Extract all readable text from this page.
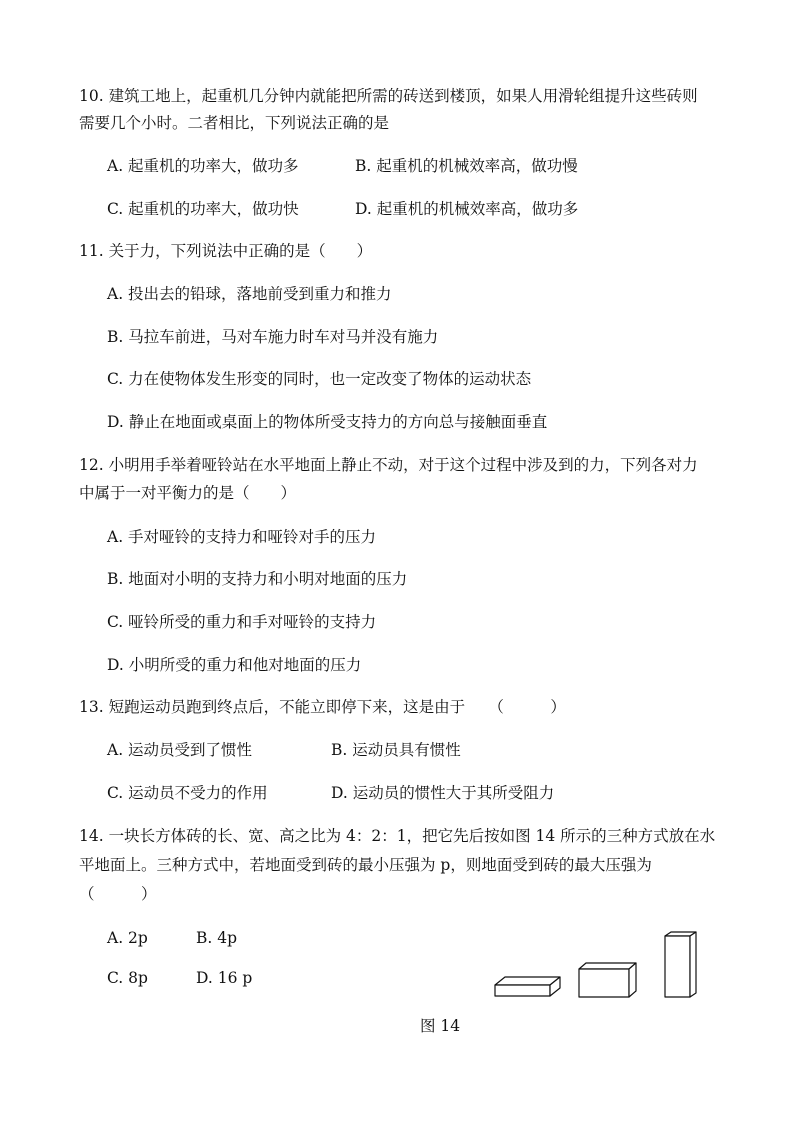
10. 建筑工地上，起重机几分钟内就能把所需的砖送到楼顶，如果人用滑轮组提升这些砖则
需要几个小时。二者相比，下列说法正确的是
A. 起重机的功率大，做功多	B. 起重机的机械效率高，做功慢
C. 起重机的功率大，做功快	D. 起重机的机械效率高，做功多
11. 关于力，下列说法中正确的是（　　）
A. 投出去的铅球，落地前受到重力和推力
B. 马拉车前进，马对车施力时车对马并没有施力
C. 力在使物体发生形变的同时，也一定改变了物体的运动状态
D. 静止在地面或桌面上的物体所受支持力的方向总与接触面垂直
12. 小明用手举着哑铃站在水平地面上静止不动，对于这个过程中涉及到的力，下列各对力
中属于一对平衡力的是（　　）
A. 手对哑铃的支持力和哑铃对手的压力
B. 地面对小明的支持力和小明对地面的压力
C. 哑铃所受的重力和手对哑铃的支持力
D. 小明所受的重力和他对地面的压力
13. 短跑运动员跑到终点后，不能立即停下来，这是由于　　（　　　）
A. 运动员受到了惯性	B. 运动员具有惯性
C. 运动员不受力的作用	D. 运动员的惯性大于其所受阻力
14. 一块长方体砖的长、宽、高之比为 4：2：1，把它先后按如图 14 所示的三种方式放在水
平地面上。三种方式中，若地面受到砖的最小压强为 p，则地面受到砖的最大压强为
（　　　）
A. 2p	B. 4p
C. 8p	D. 16 p
图 14
